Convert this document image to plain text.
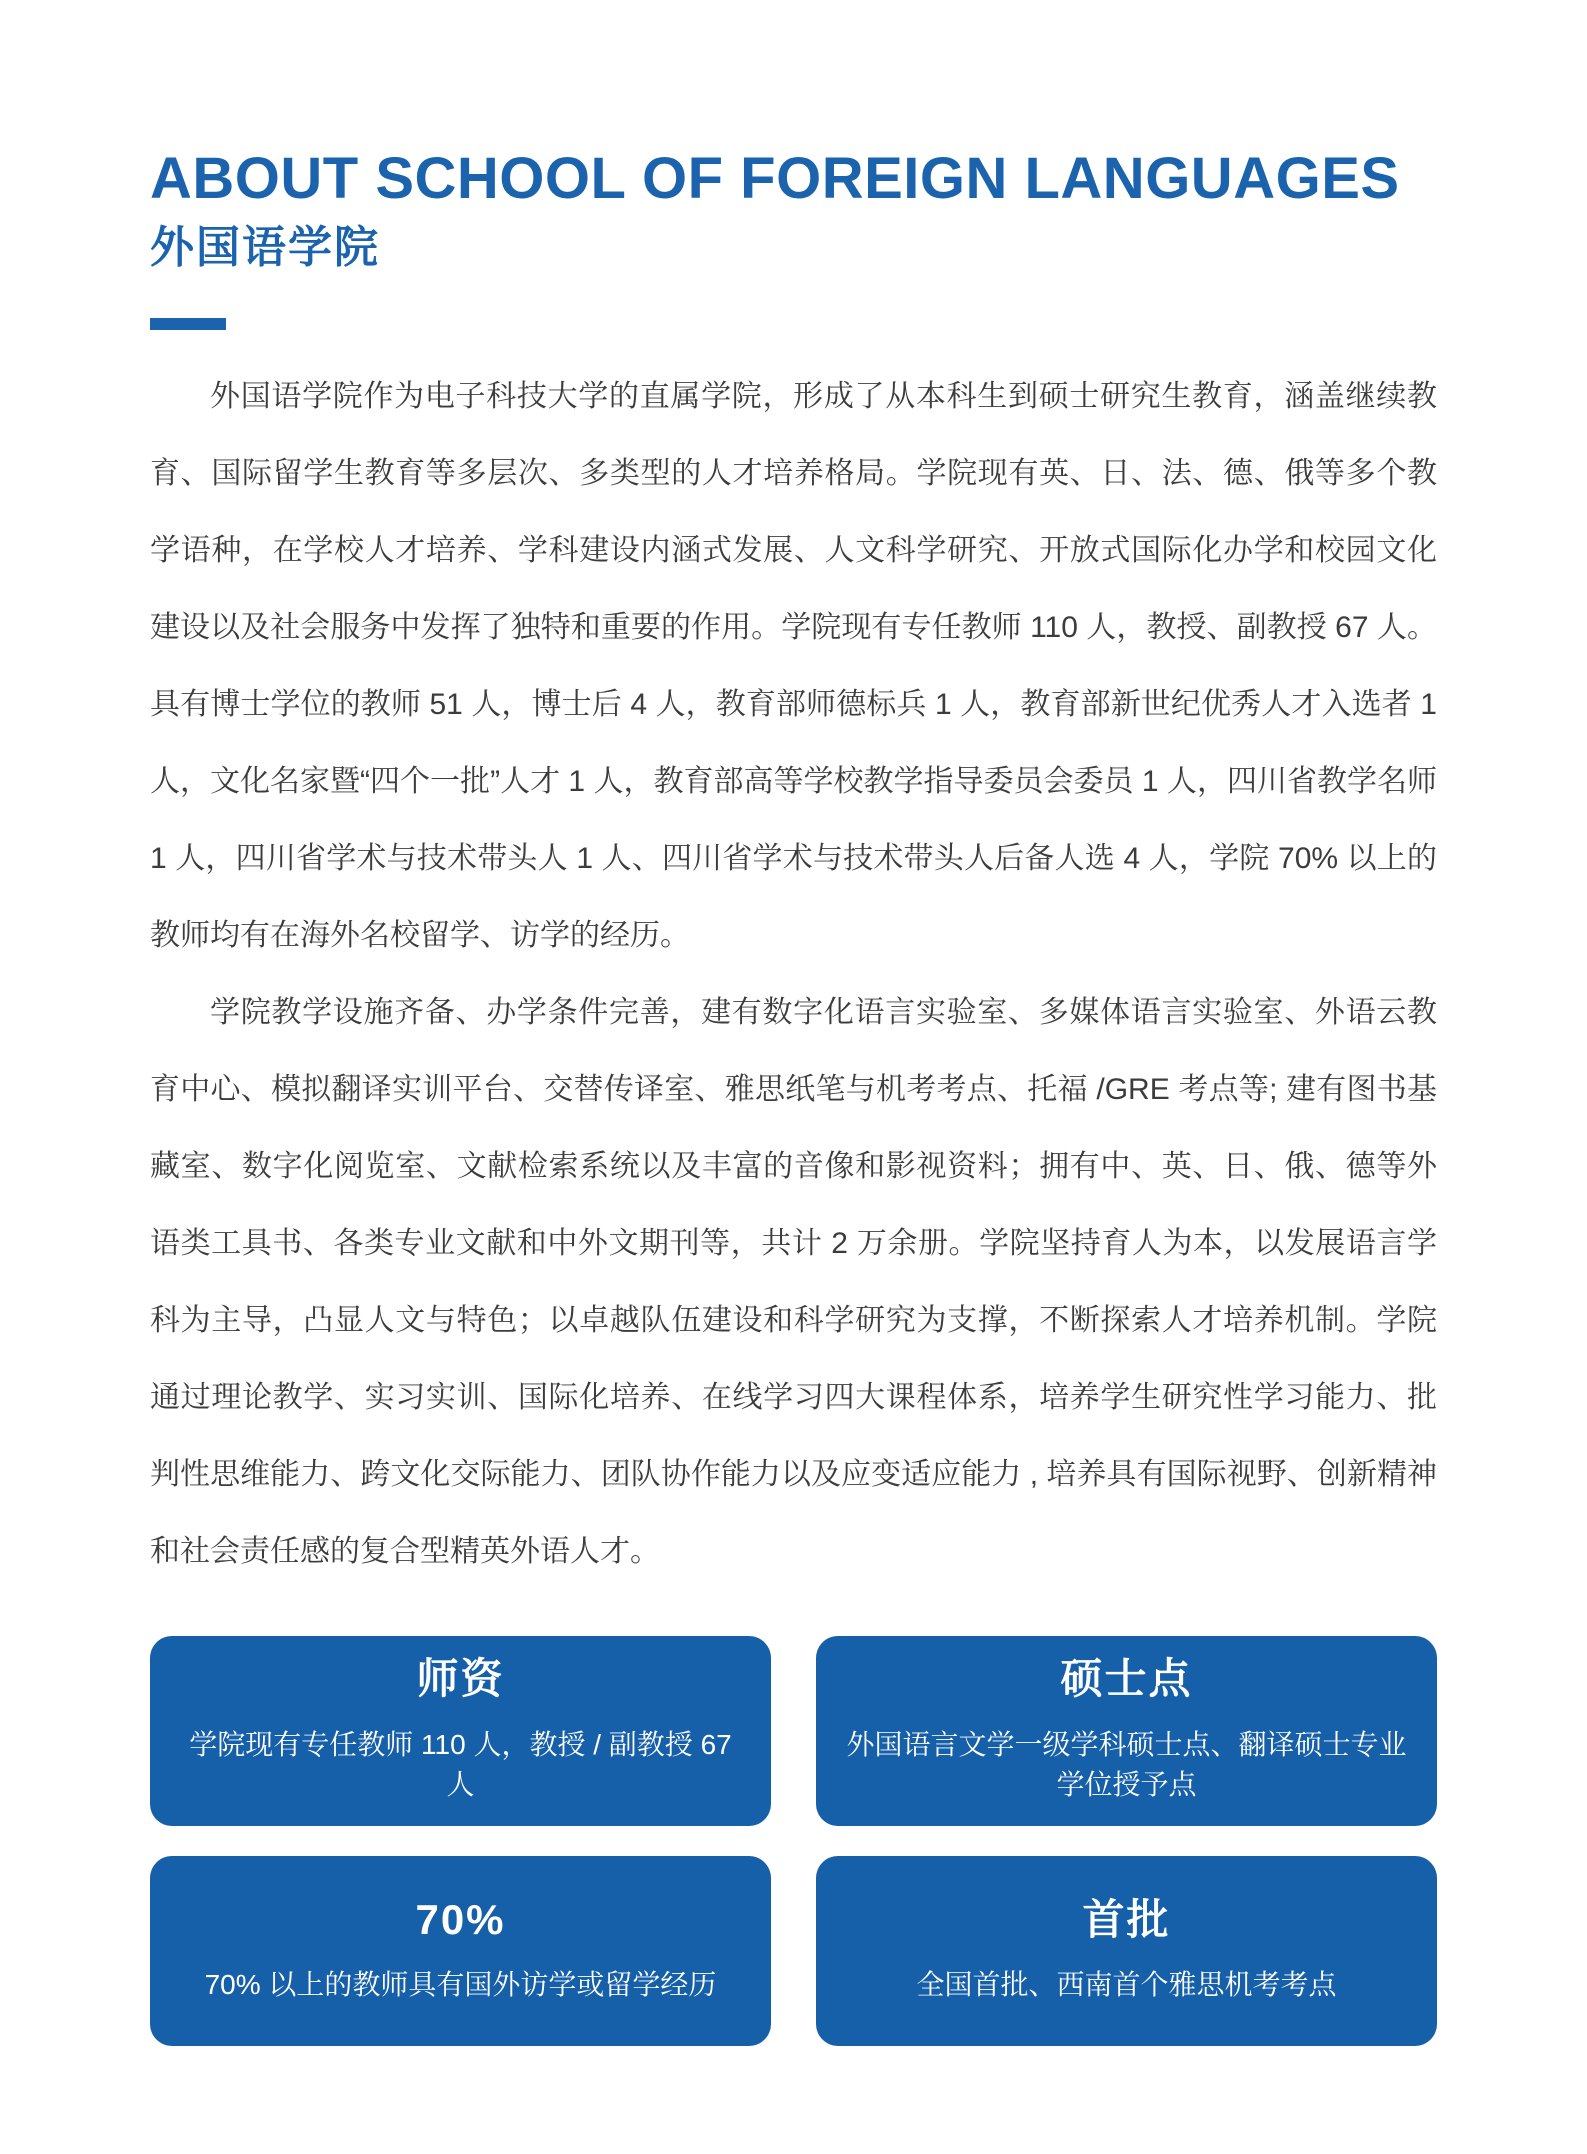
ABOUT SCHOOL OF FOREIGN LANGUAGES
外国语学院

外国语学院作为电子科技大学的直属学院，形成了从本科生到硕士研究生教育，涵盖继续教育、国际留学生教育等多层次、多类型的人才培养格局。学院现有英、日、法、德、俄等多个教学语种，在学校人才培养、学科建设内涵式发展、人文科学研究、开放式国际化办学和校园文化建设以及社会服务中发挥了独特和重要的作用。学院现有专任教师 110 人，教授、副教授 67 人。具有博士学位的教师 51 人，博士后 4 人，教育部师德标兵 1 人，教育部新世纪优秀人才入选者 1 人，文化名家暨“四个一批”人才 1 人，教育部高等学校教学指导委员会委员 1 人，四川省教学名师 1 人，四川省学术与技术带头人 1 人、四川省学术与技术带头人后备人选 4 人，学院 70% 以上的教师均有在海外名校留学、访学的经历。

学院教学设施齐备、办学条件完善，建有数字化语言实验室、多媒体语言实验室、外语云教育中心、模拟翻译实训平台、交替传译室、雅思纸笔与机考考点、托福 /GRE 考点等; 建有图书基藏室、数字化阅览室、文献检索系统以及丰富的音像和影视资料；拥有中、英、日、俄、德等外语类工具书、各类专业文献和中外文期刊等，共计 2 万余册。学院坚持育人为本，以发展语言学科为主导，凸显人文与特色；以卓越队伍建设和科学研究为支撑，不断探索人才培养机制。学院通过理论教学、实习实训、国际化培养、在线学习四大课程体系，培养学生研究性学习能力、批判性思维能力、跨文化交际能力、团队协作能力以及应变适应能力 , 培养具有国际视野、创新精神和社会责任感的复合型精英外语人才。

师资
学院现有专任教师 110 人，教授 / 副教授 67 人
硕士点
外国语言文学一级学科硕士点、翻译硕士专业学位授予点
70%
70% 以上的教师具有国外访学或留学经历
首批
全国首批、西南首个雅思机考考点
